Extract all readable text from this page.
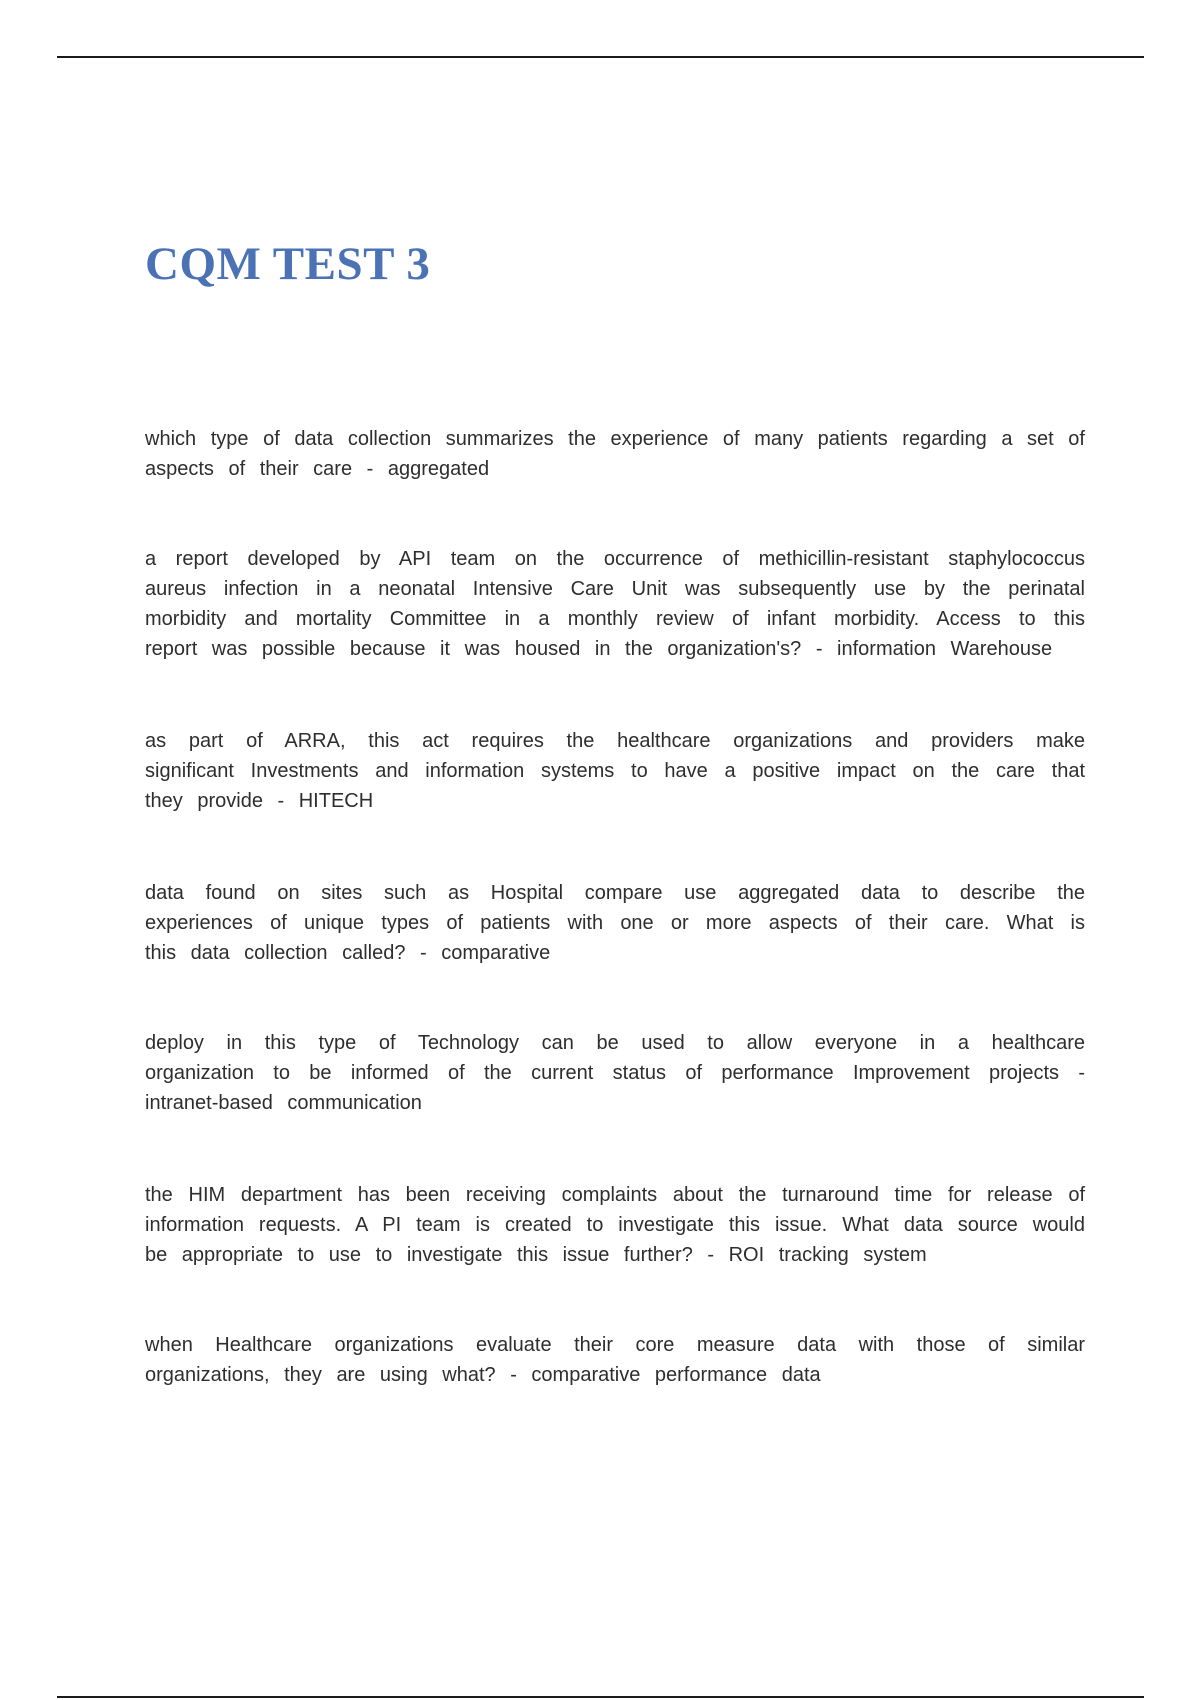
CQM TEST 3

which type of data collection summarizes the experience of many patients regarding a set of aspects of their care - aggregated

a report developed by API team on the occurrence of methicillin-resistant staphylococcus aureus infection in a neonatal Intensive Care Unit was subsequently use by the perinatal morbidity and mortality Committee in a monthly review of infant morbidity. Access to this report was possible because it was housed in the organization's? - information Warehouse

as part of ARRA, this act requires the healthcare organizations and providers make significant Investments and information systems to have a positive impact on the care that they provide - HITECH

data found on sites such as Hospital compare use aggregated data to describe the experiences of unique types of patients with one or more aspects of their care. What is this data collection called? - comparative

deploy in this type of Technology can be used to allow everyone in a healthcare organization to be informed of the current status of performance Improvement projects - intranet-based communication

the HIM department has been receiving complaints about the turnaround time for release of information requests. A PI team is created to investigate this issue. What data source would be appropriate to use to investigate this issue further? - ROI tracking system

when Healthcare organizations evaluate their core measure data with those of similar organizations, they are using what? - comparative performance data
